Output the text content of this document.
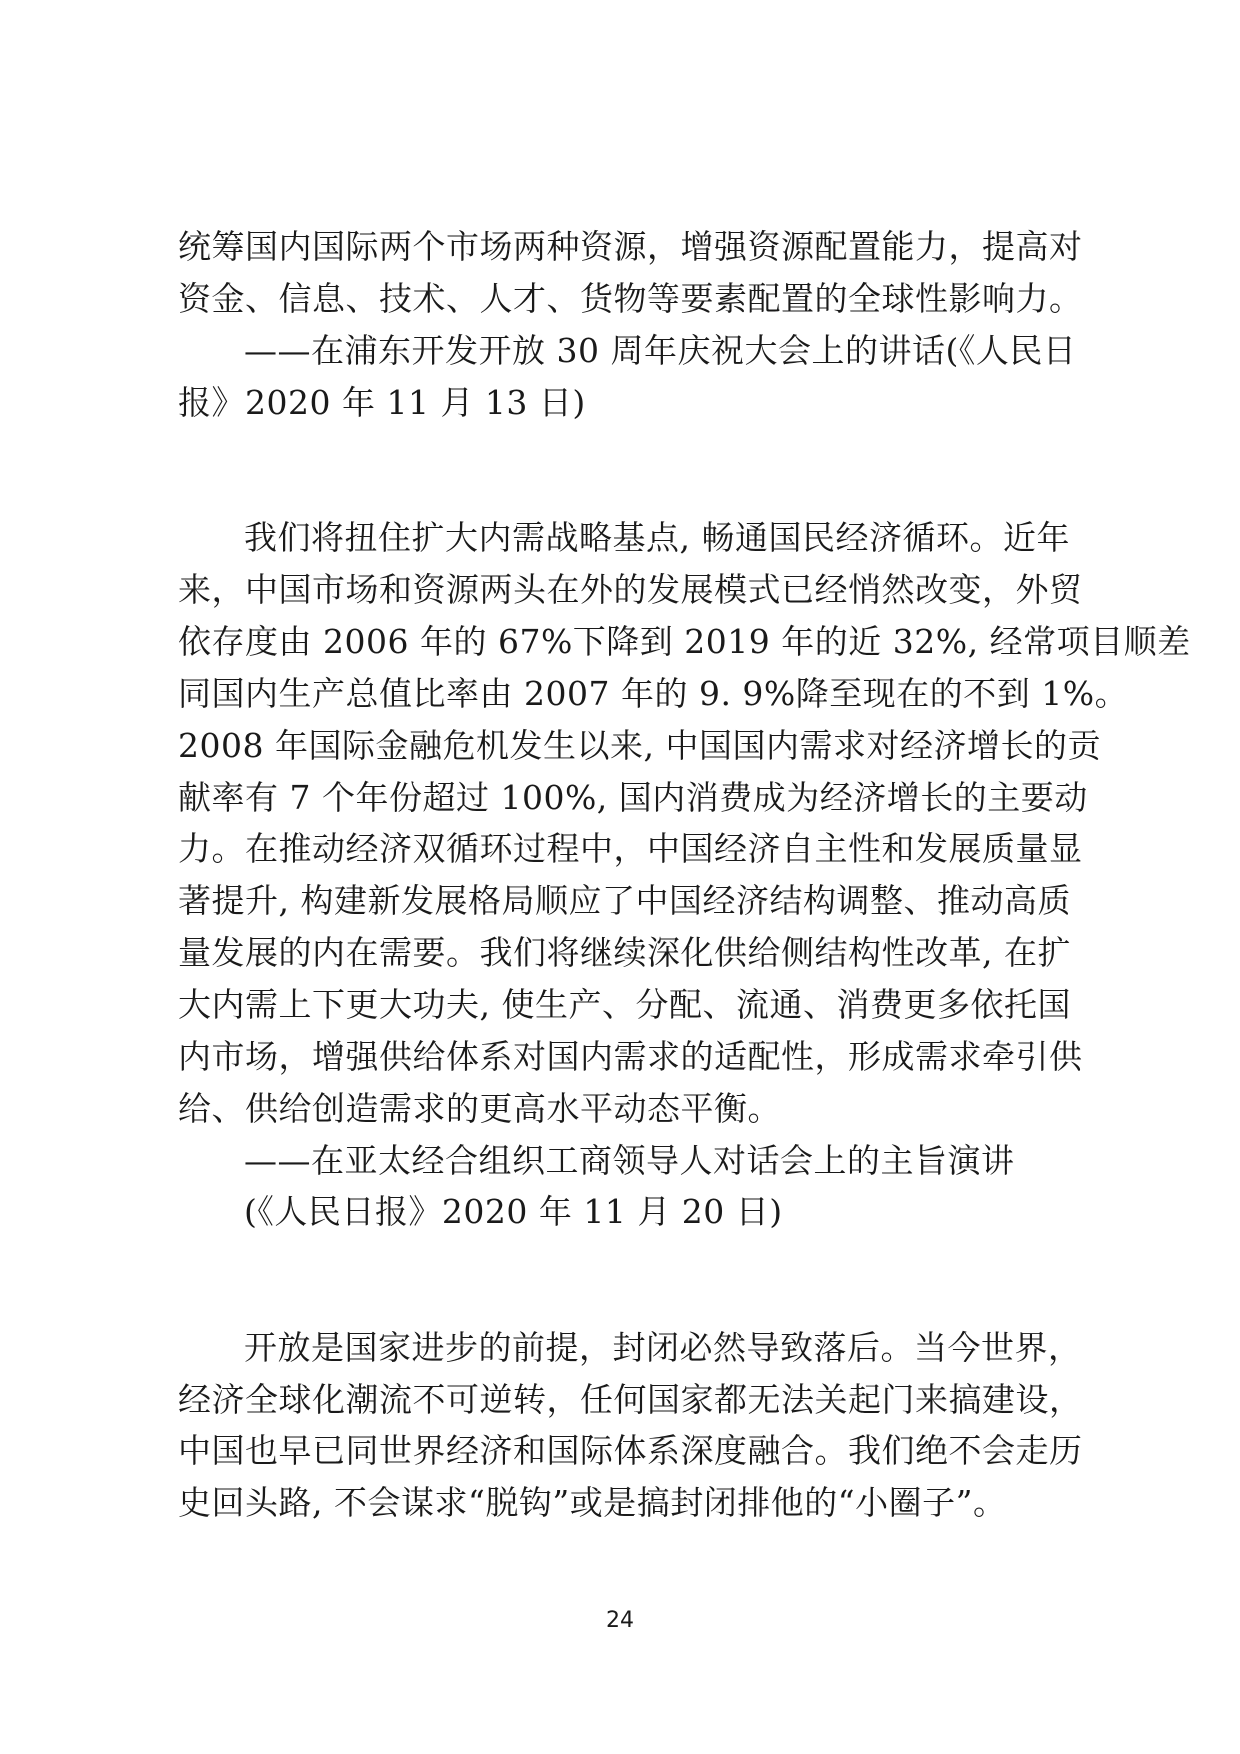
统筹国内国际两个市场两种资源，增强资源配置能力，提高对
资金、信息、技术、人才、货物等要素配置的全球性影响力。
——在浦东开发开放 30 周年庆祝大会上的讲话(《人民日
报》2020 年 11 月 13 日)
我们将扭住扩大内需战略基点, 畅通国民经济循环。近年
来，中国市场和资源两头在外的发展模式已经悄然改变，外贸
依存度由 2006 年的 67%下降到 2019 年的近 32%, 经常项目顺差
同国内生产总值比率由 2007 年的 9. 9%降至现在的不到 1%。
2008 年国际金融危机发生以来, 中国国内需求对经济增长的贡
献率有 7 个年份超过 100%, 国内消费成为经济增长的主要动
力。在推动经济双循环过程中，中国经济自主性和发展质量显
著提升, 构建新发展格局顺应了中国经济结构调整、推动高质
量发展的内在需要。我们将继续深化供给侧结构性改革, 在扩
大内需上下更大功夫, 使生产、分配、流通、消费更多依托国
内市场，增强供给体系对国内需求的适配性，形成需求牵引供
给、供给创造需求的更高水平动态平衡。
——在亚太经合组织工商领导人对话会上的主旨演讲
(《人民日报》2020 年 11 月 20 日)
开放是国家进步的前提，封闭必然导致落后。当今世界，
经济全球化潮流不可逆转，任何国家都无法关起门来搞建设，
中国也早已同世界经济和国际体系深度融合。我们绝不会走历
史回头路, 不会谋求“脱钩”或是搞封闭排他的“小圈子”。
24
